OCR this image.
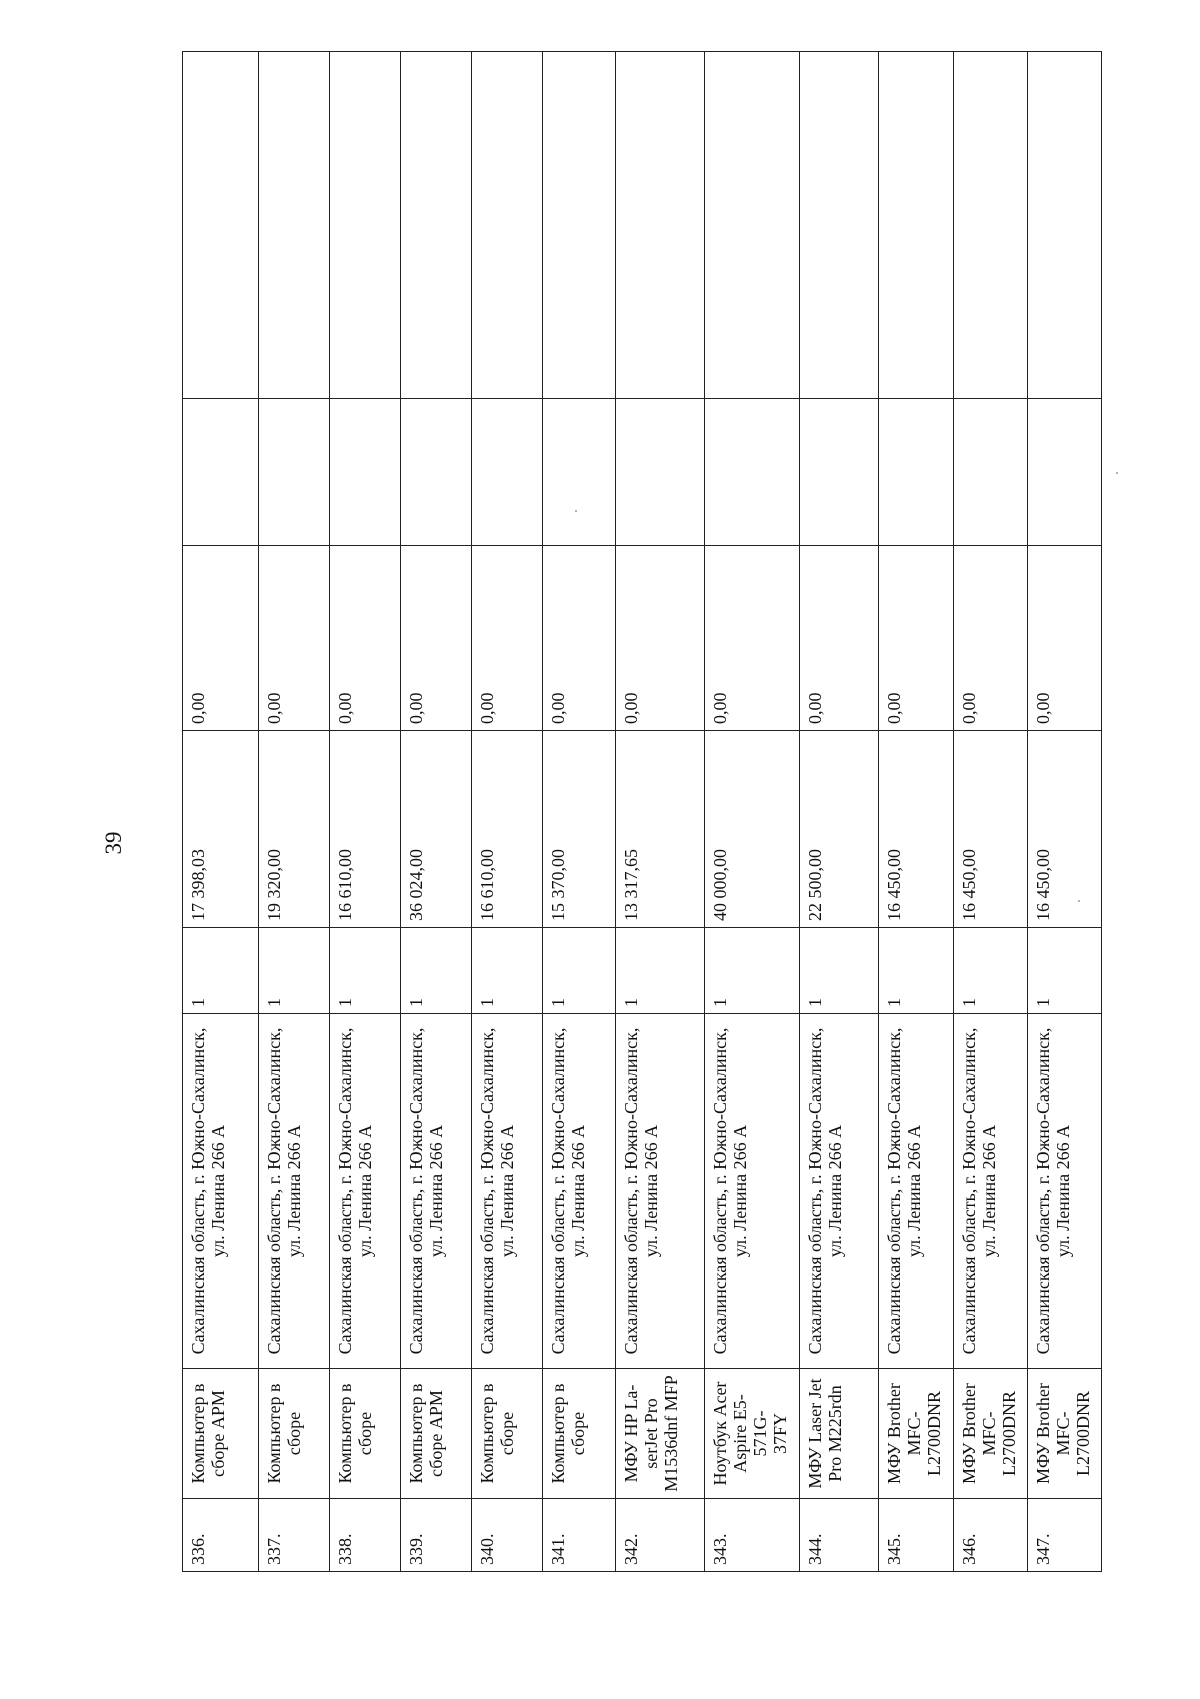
39
336.	Компьютер в
сборе АРМ	Сахалинская область, г. Южно-Сахалинск, ул. Ленина 266 А	1	17 398,03	0,00		
337.	Компьютер в
сборе	Сахалинская область, г. Южно-Сахалинск, ул. Ленина 266 А	1	19 320,00	0,00		
338.	Компьютер в
сборе	Сахалинская область, г. Южно-Сахалинск, ул. Ленина 266 А	1	16 610,00	0,00		
339.	Компьютер в
сборе АРМ	Сахалинская область, г. Южно-Сахалинск, ул. Ленина 266 А	1	36 024,00	0,00		
340.	Компьютер в
сборе	Сахалинская область, г. Южно-Сахалинск, ул. Ленина 266 А	1	16 610,00	0,00		
341.	Компьютер в
сборе	Сахалинская область, г. Южно-Сахалинск, ул. Ленина 266 А	1	15 370,00	0,00		
342.	МФУ HP La-
serJet Pro
M1536dnf MFP	Сахалинская область, г. Южно-Сахалинск, ул. Ленина 266 А	1	13 317,65	0,00		
343.	Ноутбук Acer
Aspire E5-571G-
37FY	Сахалинская область, г. Южно-Сахалинск, ул. Ленина 266 А	1	40 000,00	0,00		
344.	МФУ Laser Jet
Pro M225rdn	Сахалинская область, г. Южно-Сахалинск, ул. Ленина 266 А	1	22 500,00	0,00		
345.	МФУ Brother
MFC-L2700DNR	Сахалинская область, г. Южно-Сахалинск, ул. Ленина 266 А	1	16 450,00	0,00		
346.	МФУ Brother
MFC-L2700DNR	Сахалинская область, г. Южно-Сахалинск, ул. Ленина 266 А	1	16 450,00	0,00		
347.	МФУ Brother
MFC-L2700DNR	Сахалинская область, г. Южно-Сахалинск, ул. Ленина 266 А	1	16 450,00	0,00		
